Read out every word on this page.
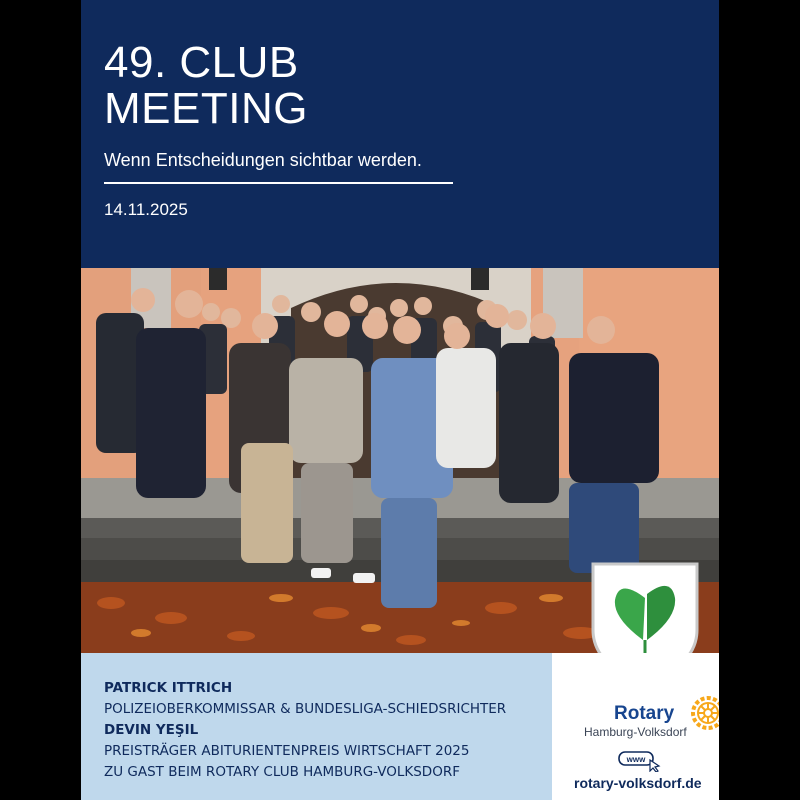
49. CLUB
MEETING
Wenn Entscheidungen sichtbar werden.
14.11.2025
PATRICK ITTRICH
POLIZEIOBERKOMMISSAR & BUNDESLIGA-SCHIEDSRICHTER
DEVIN YEŞIL
PREISTRÄGER ABITURIENTENPREIS WIRTSCHAFT 2025
ZU GAST BEIM ROTARY CLUB HAMBURG-VOLKSDORF
Rotary
Hamburg-Volksdorf
www
rotary-volksdorf.de
